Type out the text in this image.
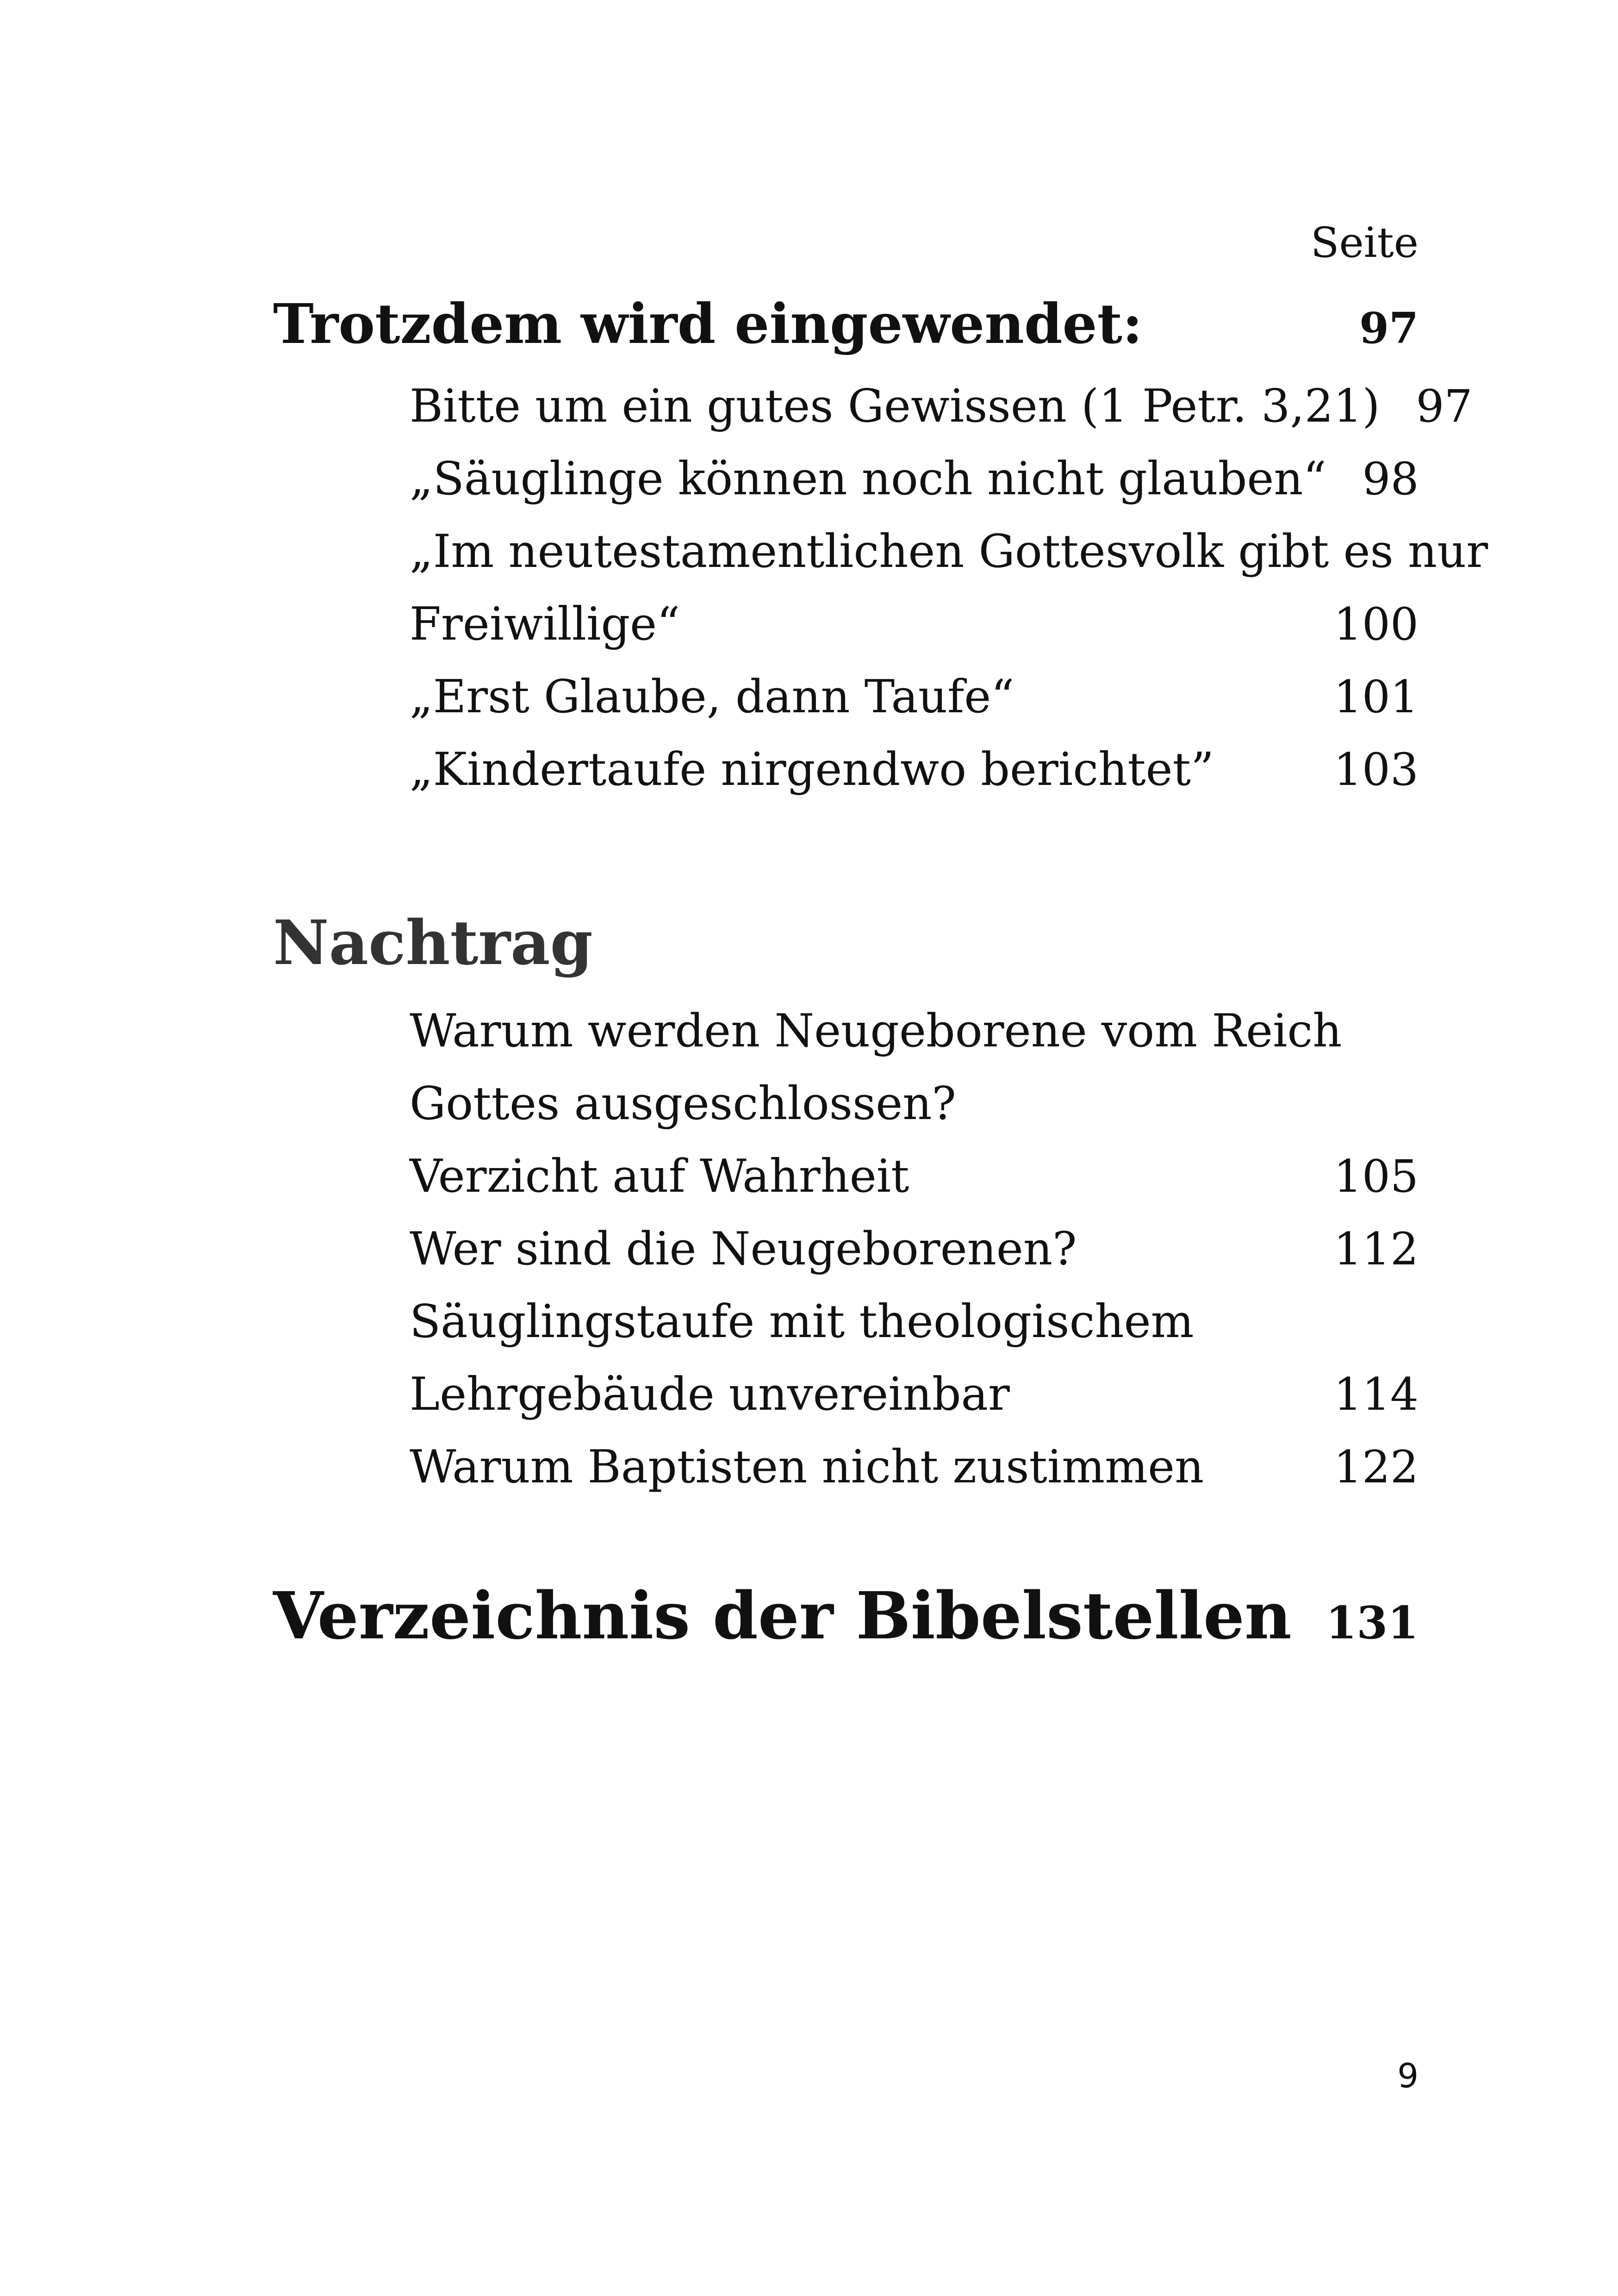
Seite
Trotzdem wird eingewendet:	97
Bitte um ein gutes Gewissen (1 Petr. 3,21) 97
„Säuglinge können noch nicht glauben“ 98
„Im neutestamentlichen Gottesvolk gibt es nur
Freiwillige“	100
„Erst Glaube, dann Taufe“	101
„Kindertaufe nirgendwo berichtet”	103
Nachtrag
Warum werden Neugeborene vom Reich
Gottes ausgeschlossen?
Verzicht auf Wahrheit	105
Wer sind die Neugeborenen?	112
Säuglingstaufe mit theologischem
Lehrgebäude unvereinbar	114
Warum Baptisten nicht zustimmen	122
Verzeichnis der Bibelstellen 131
9
